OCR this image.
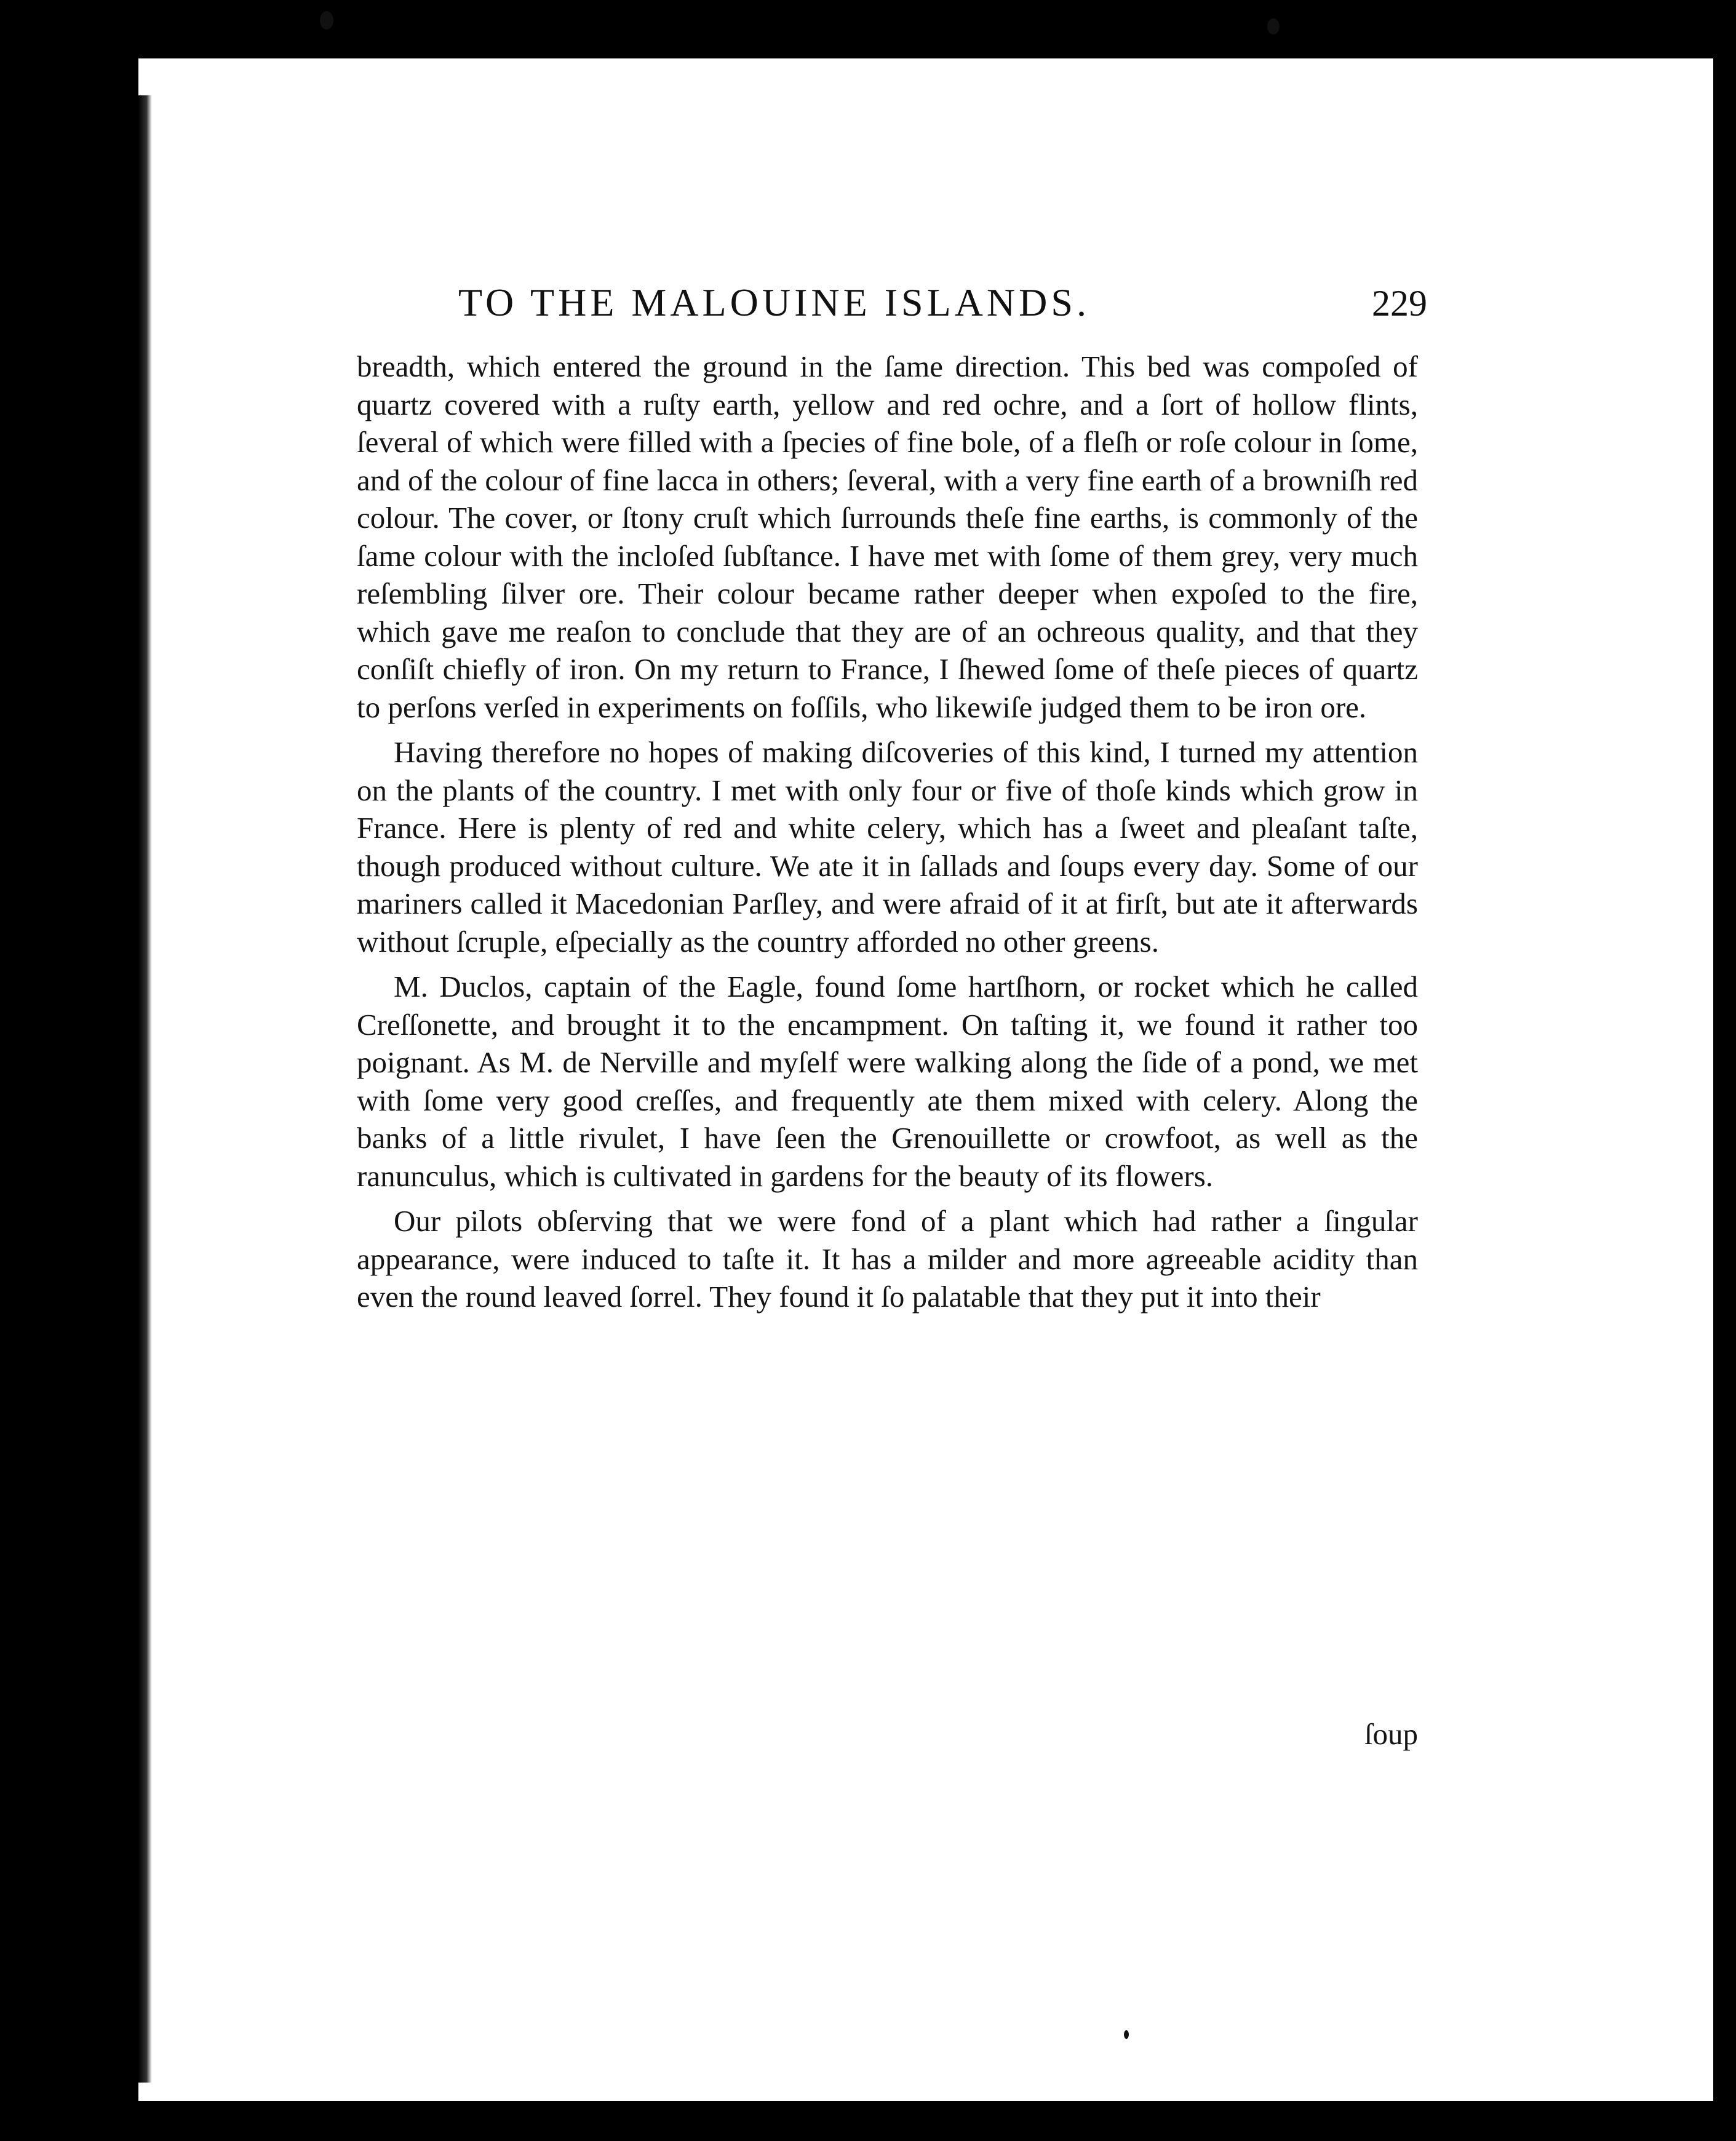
TO THE MALOUINE ISLANDS.	229

breadth, which entered the ground in the ſame direction. This bed was compoſed of quartz covered with a ruſty earth, yellow and red ochre, and a ſort of hollow flints, ſeveral of which were filled with a ſpecies of fine bole, of a fleſh or roſe colour in ſome, and of the colour of fine lacca in others; ſeveral, with a very fine earth of a browniſh red colour. The cover, or ſtony cruſt which ſurrounds theſe fine earths, is commonly of the ſame colour with the incloſed ſubſtance. I have met with ſome of them grey, very much reſembling ſilver ore. Their colour became rather deeper when expoſed to the fire, which gave me reaſon to conclude that they are of an ochreous quality, and that they conſiſt chiefly of iron. On my return to France, I ſhewed ſome of theſe pieces of quartz to perſons verſed in experiments on foſſils, who likewiſe judged them to be iron ore.

Having therefore no hopes of making diſcoveries of this kind, I turned my attention on the plants of the country. I met with only four or five of thoſe kinds which grow in France. Here is plenty of red and white celery, which has a ſweet and pleaſant taſte, though produced without culture. We ate it in ſallads and ſoups every day. Some of our mariners called it Macedonian Parſley, and were afraid of it at firſt, but ate it afterwards without ſcruple, eſpecially as the country afforded no other greens.

M. Duclos, captain of the Eagle, found ſome hartſhorn, or rocket which he called Creſſonette, and brought it to the encampment. On taſting it, we found it rather too poignant. As M. de Nerville and myſelf were walking along the ſide of a pond, we met with ſome very good creſſes, and frequently ate them mixed with celery. Along the banks of a little rivulet, I have ſeen the Grenouillette or crowfoot, as well as the ranunculus, which is cultivated in gardens for the beauty of its flowers.

Our pilots obſerving that we were fond of a plant which had rather a ſingular appearance, were induced to taſte it. It has a milder and more agreeable acidity than even the round leaved ſorrel. They found it ſo palatable that they put it into their

ſoup
